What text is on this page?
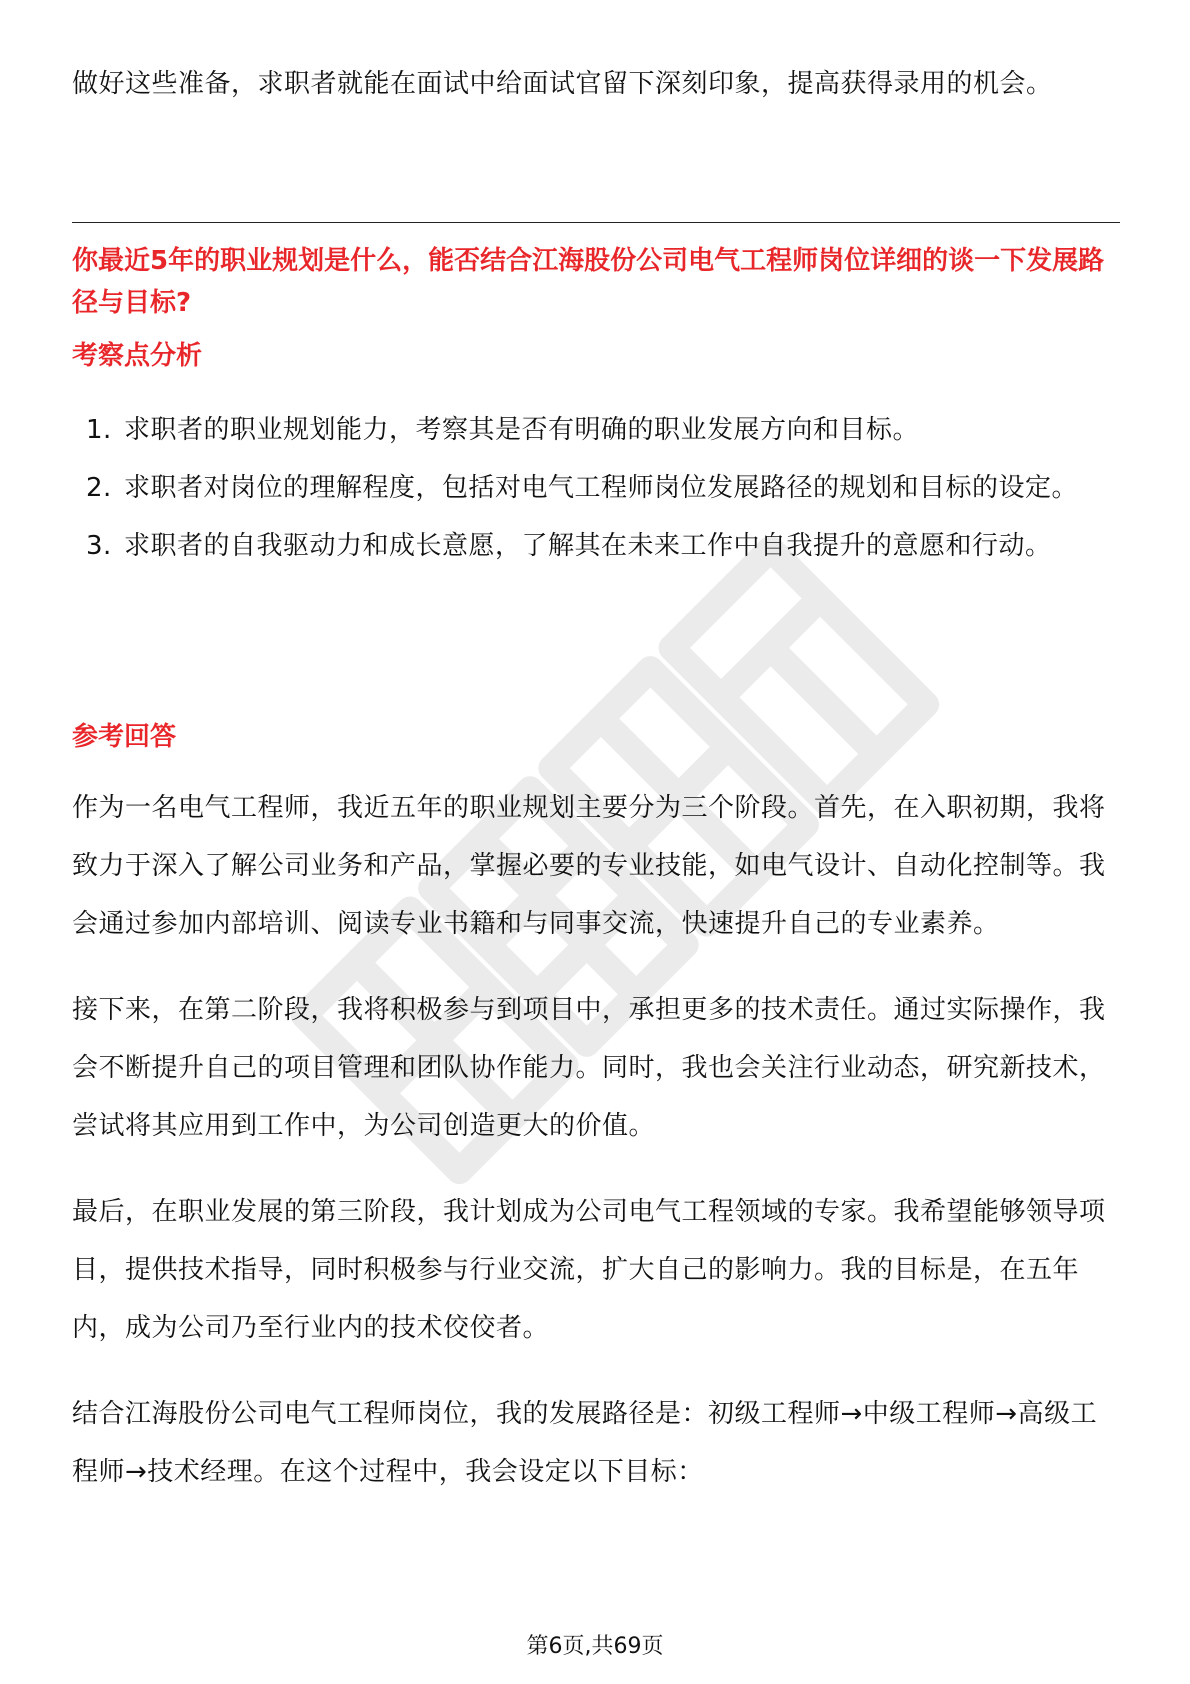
做好这些准备，求职者就能在面试中给面试官留下深刻印象，提高获得录用的机会。

你最近5年的职业规划是什么，能否结合江海股份公司电气工程师岗位详细的谈一下发展路径与目标?
考察点分析
1. 求职者的职业规划能力，考察其是否有明确的职业发展方向和目标。
2. 求职者对岗位的理解程度，包括对电气工程师岗位发展路径的规划和目标的设定。
3. 求职者的自我驱动力和成长意愿，了解其在未来工作中自我提升的意愿和行动。
参考回答

作为一名电气工程师，我近五年的职业规划主要分为三个阶段。首先，在入职初期，我将致力于深入了解公司业务和产品，掌握必要的专业技能，如电气设计、自动化控制等。我会通过参加内部培训、阅读专业书籍和与同事交流，快速提升自己的专业素养。

接下来，在第二阶段，我将积极参与到项目中，承担更多的技术责任。通过实际操作，我会不断提升自己的项目管理和团队协作能力。同时，我也会关注行业动态，研究新技术，尝试将其应用到工作中，为公司创造更大的价值。

最后，在职业发展的第三阶段，我计划成为公司电气工程领域的专家。我希望能够领导项目，提供技术指导，同时积极参与行业交流，扩大自己的影响力。我的目标是，在五年内，成为公司乃至行业内的技术佼佼者。

结合江海股份公司电气工程师岗位，我的发展路径是：初级工程师→中级工程师→高级工程师→技术经理。在这个过程中，我会设定以下目标：

第6页,共69页
